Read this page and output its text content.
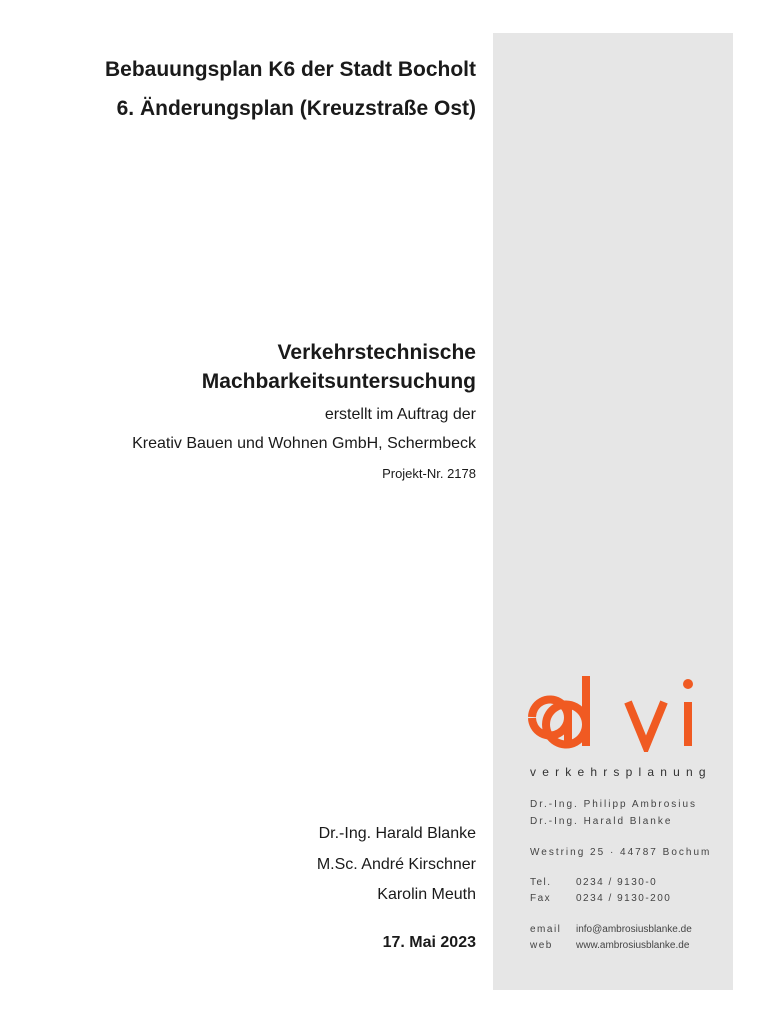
Bebauungsplan K6 der Stadt Bocholt
6. Änderungsplan (Kreuzstraße Ost)
Verkehrstechnische
Machbarkeitsuntersuchung
erstellt im Auftrag der
Kreativ Bauen und Wohnen GmbH, Schermbeck
Projekt-Nr. 2178
Dr.-Ing. Harald Blanke
M.Sc. André Kirschner
Karolin Meuth
17. Mai 2023
verkehrsplanung
Dr.-Ing. Philipp Ambrosius
Dr.-Ing. Harald Blanke
Westring 25 · 44787 Bochum
Tel. 0234 / 9130-0
Fax 0234 / 9130-200
email info@ambrosiusblanke.de
web www.ambrosiusblanke.de
